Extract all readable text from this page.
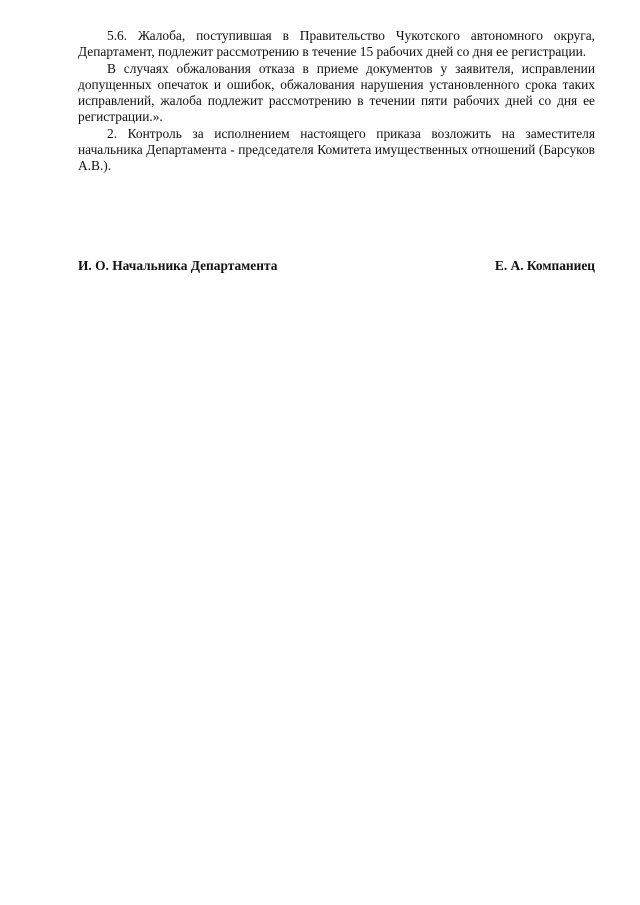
5.6. Жалоба, поступившая в Правительство Чукотского автономного округа, Департамент, подлежит рассмотрению в течение 15 рабочих дней со дня ее регистрации.

В случаях обжалования отказа в приеме документов у заявителя, исправлении допущенных опечаток и ошибок, обжалования нарушения установленного срока таких исправлений, жалоба подлежит рассмотрению в течении пяти рабочих дней со дня ее регистрации.».

2. Контроль за исполнением настоящего приказа возложить на заместителя начальника Департамента - председателя Комитета имущественных отношений (Барсуков А.В.).

И. О. Начальника Департамента	Е. А. Компаниец
